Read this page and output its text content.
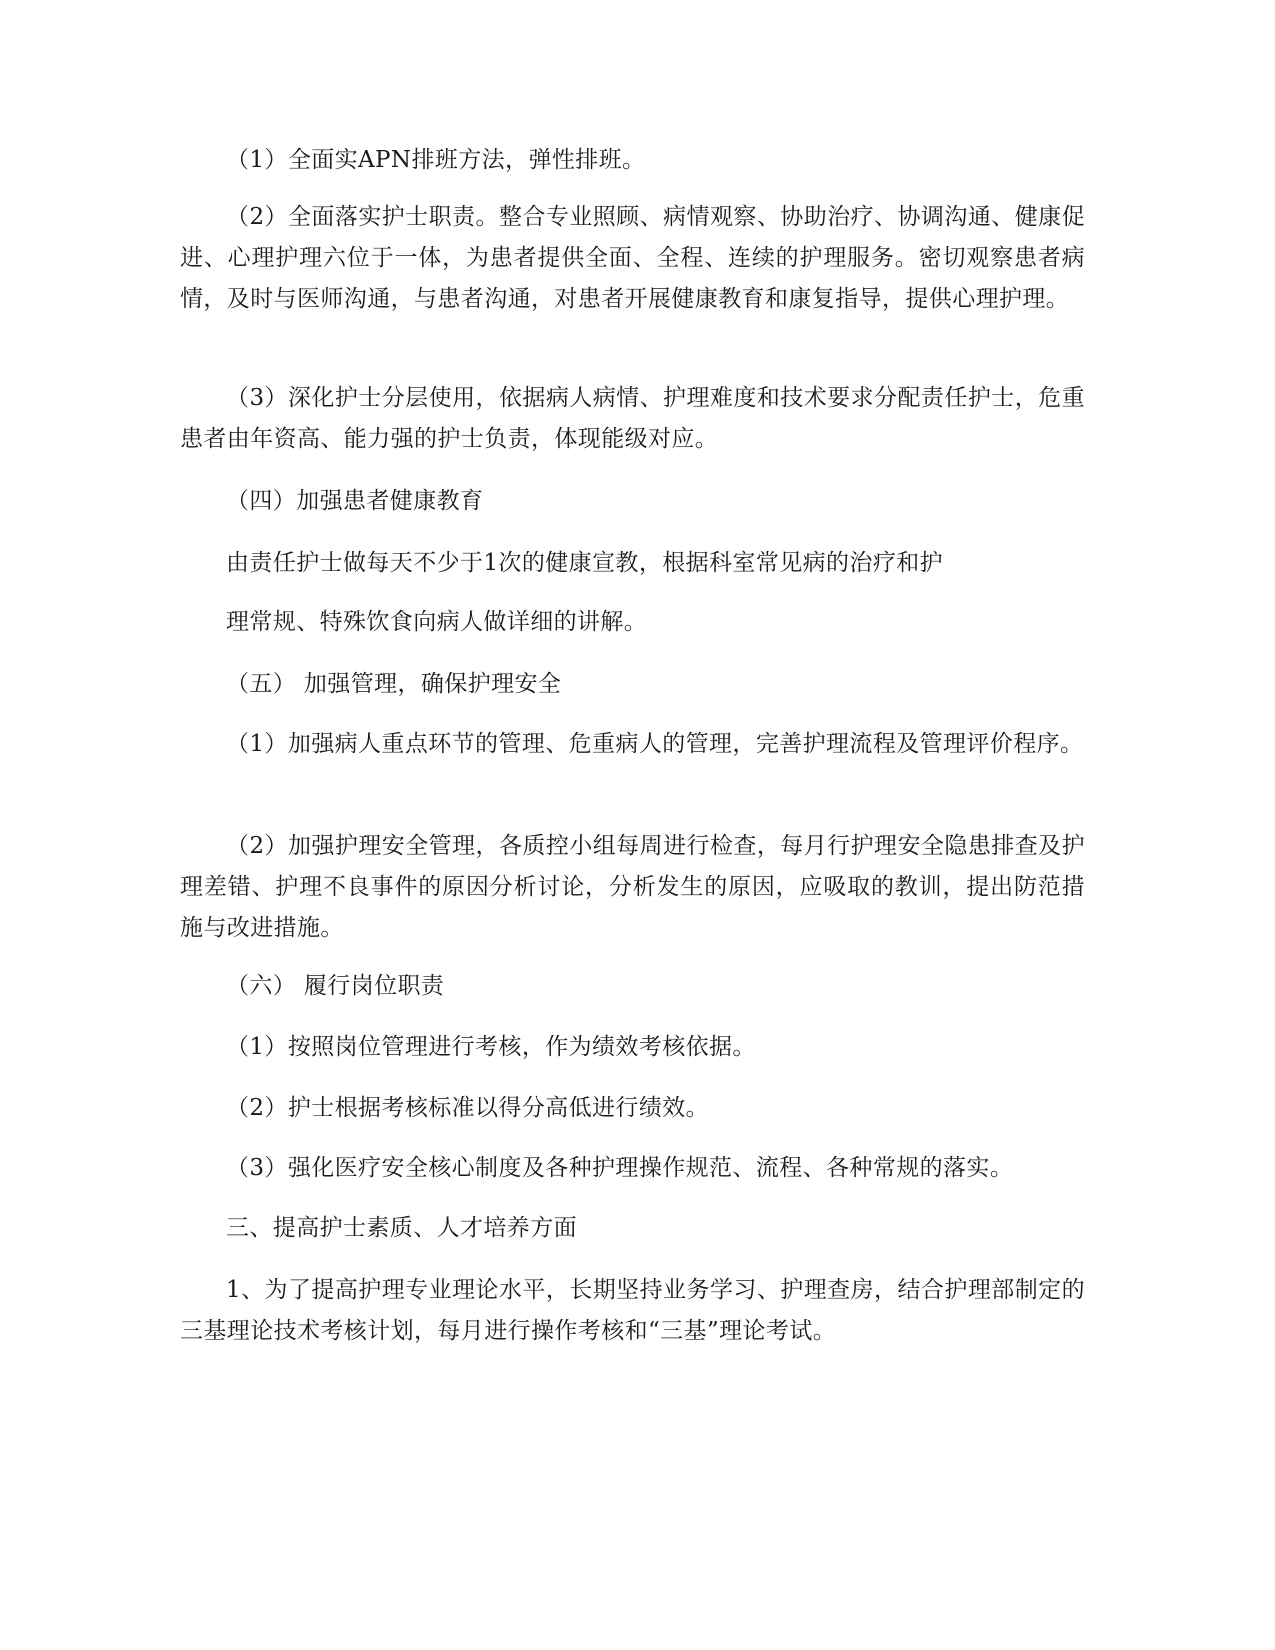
（1）全面实APN排班方法，弹性排班。

（2）全面落实护士职责。整合专业照顾、病情观察、协助治疗、协调沟通、健康促进、心理护理六位于一体，为患者提供全面、全程、连续的护理服务。密切观察患者病情，及时与医师沟通，与患者沟通，对患者开展健康教育和康复指导，提供心理护理。

（3）深化护士分层使用，依据病人病情、护理难度和技术要求分配责任护士，危重患者由年资高、能力强的护士负责，体现能级对应。

（四）加强患者健康教育

由责任护士做每天不少于1次的健康宣教，根据科室常见病的治疗和护

理常规、特殊饮食向病人做详细的讲解。

（五） 加强管理，确保护理安全

（1）加强病人重点环节的管理、危重病人的管理，完善护理流程及管理评价程序。

（2）加强护理安全管理，各质控小组每周进行检查，每月行护理安全隐患排查及护理差错、护理不良事件的原因分析讨论，分析发生的原因，应吸取的教训，提出防范措施与改进措施。

（六） 履行岗位职责

（1）按照岗位管理进行考核，作为绩效考核依据。

（2）护士根据考核标准以得分高低进行绩效。

（3）强化医疗安全核心制度及各种护理操作规范、流程、各种常规的落实。

三、提高护士素质、人才培养方面

1、为了提高护理专业理论水平，长期坚持业务学习、护理查房，结合护理部制定的三基理论技术考核计划，每月进行操作考核和“三基”理论考试。
